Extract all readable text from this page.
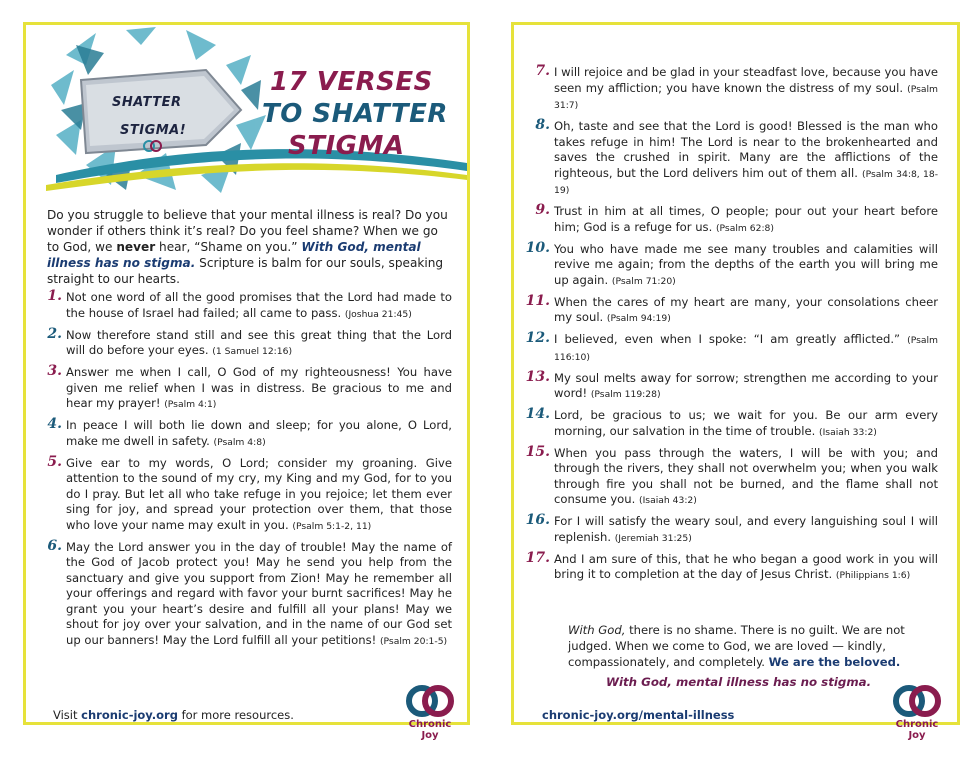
SHATTER
STIGMA!
17 VERSES
TO SHATTER
STIGMA
Do you struggle to believe that your mental illness is real? Do you wonder if others think it’s real? Do you feel shame? When we go to God, we never hear, “Shame on you.” With God, mental illness has no stigma. Scripture is balm for our souls, speaking straight to our hearts.
1. Not one word of all the good promises that the Lord had made to the house of Israel had failed; all came to pass. (Joshua 21:45)
2. Now therefore stand still and see this great thing that the Lord will do before your eyes. (1 Samuel 12:16)
3. Answer me when I call, O God of my righteousness! You have given me relief when I was in distress. Be gracious to me and hear my prayer! (Psalm 4:1)
4. In peace I will both lie down and sleep; for you alone, O Lord, make me dwell in safety. (Psalm 4:8)
5. Give ear to my words, O Lord; consider my groaning. Give attention to the sound of my cry, my King and my God, for to you do I pray. But let all who take refuge in you rejoice; let them ever sing for joy, and spread your protection over them, that those who love your name may exult in you. (Psalm 5:1-2, 11)
6. May the Lord answer you in the day of trouble! May the name of the God of Jacob protect you! May he send you help from the sanctuary and give you support from Zion! May he remember all your offerings and regard with favor your burnt sacrifices! May he grant you your heart’s desire and fulfill all your plans! May we shout for joy over your salvation, and in the name of our God set up our banners! May the Lord fulfill all your petitions! (Psalm 20:1-5)
Visit chronic-joy.org for more resources.
Chronic Joy
7. I will rejoice and be glad in your steadfast love, because you have seen my affliction; you have known the distress of my soul. (Psalm 31:7)
8. Oh, taste and see that the Lord is good! Blessed is the man who takes refuge in him! The Lord is near to the brokenhearted and saves the crushed in spirit. Many are the afflictions of the righteous, but the Lord delivers him out of them all. (Psalm 34:8, 18-19)
9. Trust in him at all times, O people; pour out your heart before him; God is a refuge for us. (Psalm 62:8)
10. You who have made me see many troubles and calamities will revive me again; from the depths of the earth you will bring me up again. (Psalm 71:20)
11. When the cares of my heart are many, your consolations cheer my soul. (Psalm 94:19)
12. I believed, even when I spoke: “I am greatly afflicted.” (Psalm 116:10)
13. My soul melts away for sorrow; strengthen me according to your word! (Psalm 119:28)
14. Lord, be gracious to us; we wait for you. Be our arm every morning, our salvation in the time of trouble. (Isaiah 33:2)
15. When you pass through the waters, I will be with you; and through the rivers, they shall not overwhelm you; when you walk through fire you shall not be burned, and the flame shall not consume you. (Isaiah 43:2)
16. For I will satisfy the weary soul, and every languishing soul I will replenish. (Jeremiah 31:25)
17. And I am sure of this, that he who began a good work in you will bring it to completion at the day of Jesus Christ. (Philippians 1:6)
With God, there is no shame. There is no guilt. We are not judged. When we come to God, we are loved — kindly, compassionately, and completely. We are the beloved.
With God, mental illness has no stigma.
chronic-joy.org/mental-illness
Chronic Joy
